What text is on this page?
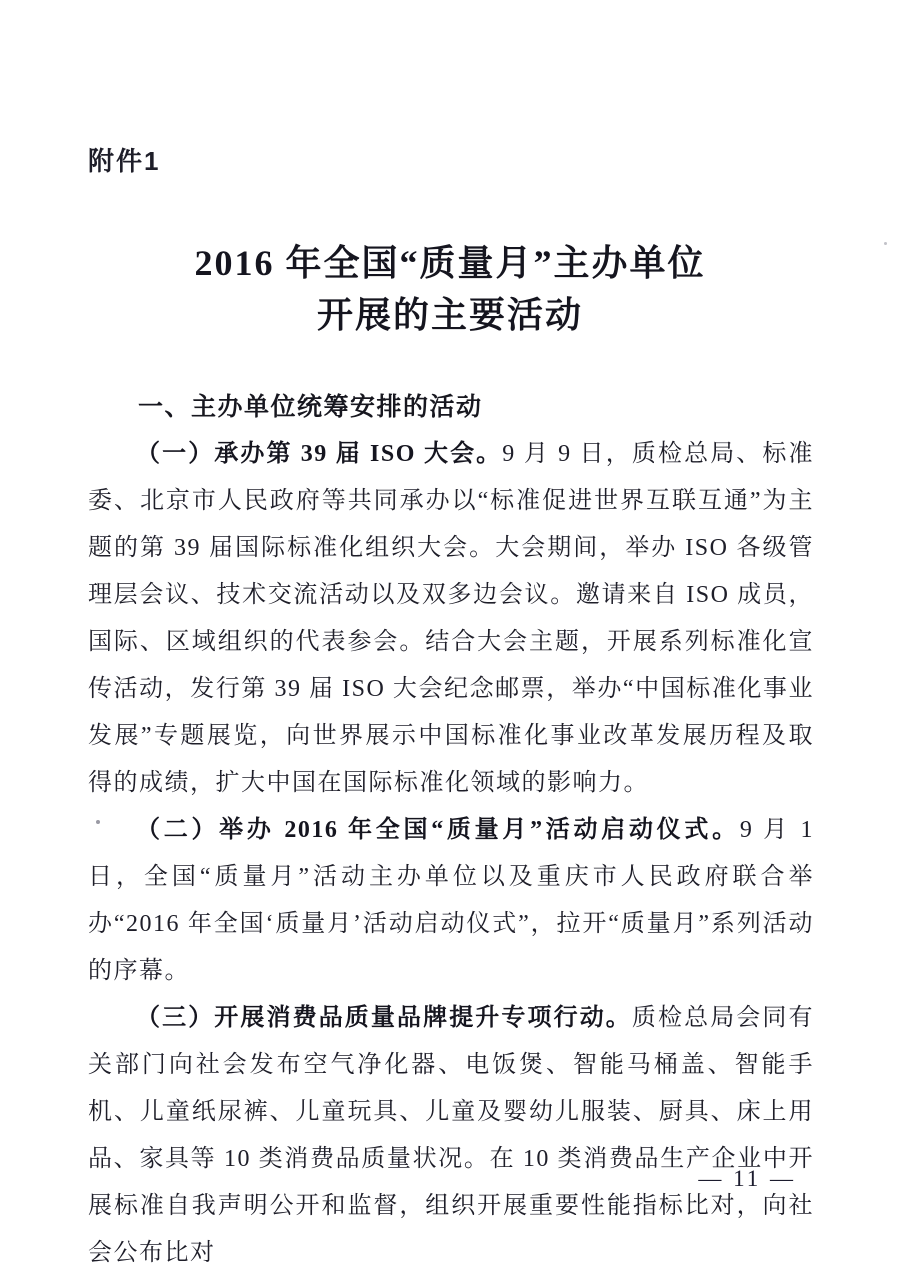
附件1
2016 年全国“质量月”主办单位
开展的主要活动

一、主办单位统筹安排的活动

（一）承办第 39 届 ISO 大会。9 月 9 日，质检总局、标准委、北京市人民政府等共同承办以“标准促进世界互联互通”为主题的第 39 届国际标准化组织大会。大会期间，举办 ISO 各级管理层会议、技术交流活动以及双多边会议。邀请来自 ISO 成员，国际、区域组织的代表参会。结合大会主题，开展系列标准化宣传活动，发行第 39 届 ISO 大会纪念邮票，举办“中国标准化事业发展”专题展览，向世界展示中国标准化事业改革发展历程及取得的成绩，扩大中国在国际标准化领域的影响力。

（二）举办 2016 年全国“质量月”活动启动仪式。9 月 1 日，全国“质量月”活动主办单位以及重庆市人民政府联合举办“2016 年全国‘质量月’活动启动仪式”，拉开“质量月”系列活动的序幕。

（三）开展消费品质量品牌提升专项行动。质检总局会同有关部门向社会发布空气净化器、电饭煲、智能马桶盖、智能手机、儿童纸尿裤、儿童玩具、儿童及婴幼儿服装、厨具、床上用品、家具等 10 类消费品质量状况。在 10 类消费品生产企业中开展标准自我声明公开和监督，组织开展重要性能指标比对，向社会公布比对

— 11 —
